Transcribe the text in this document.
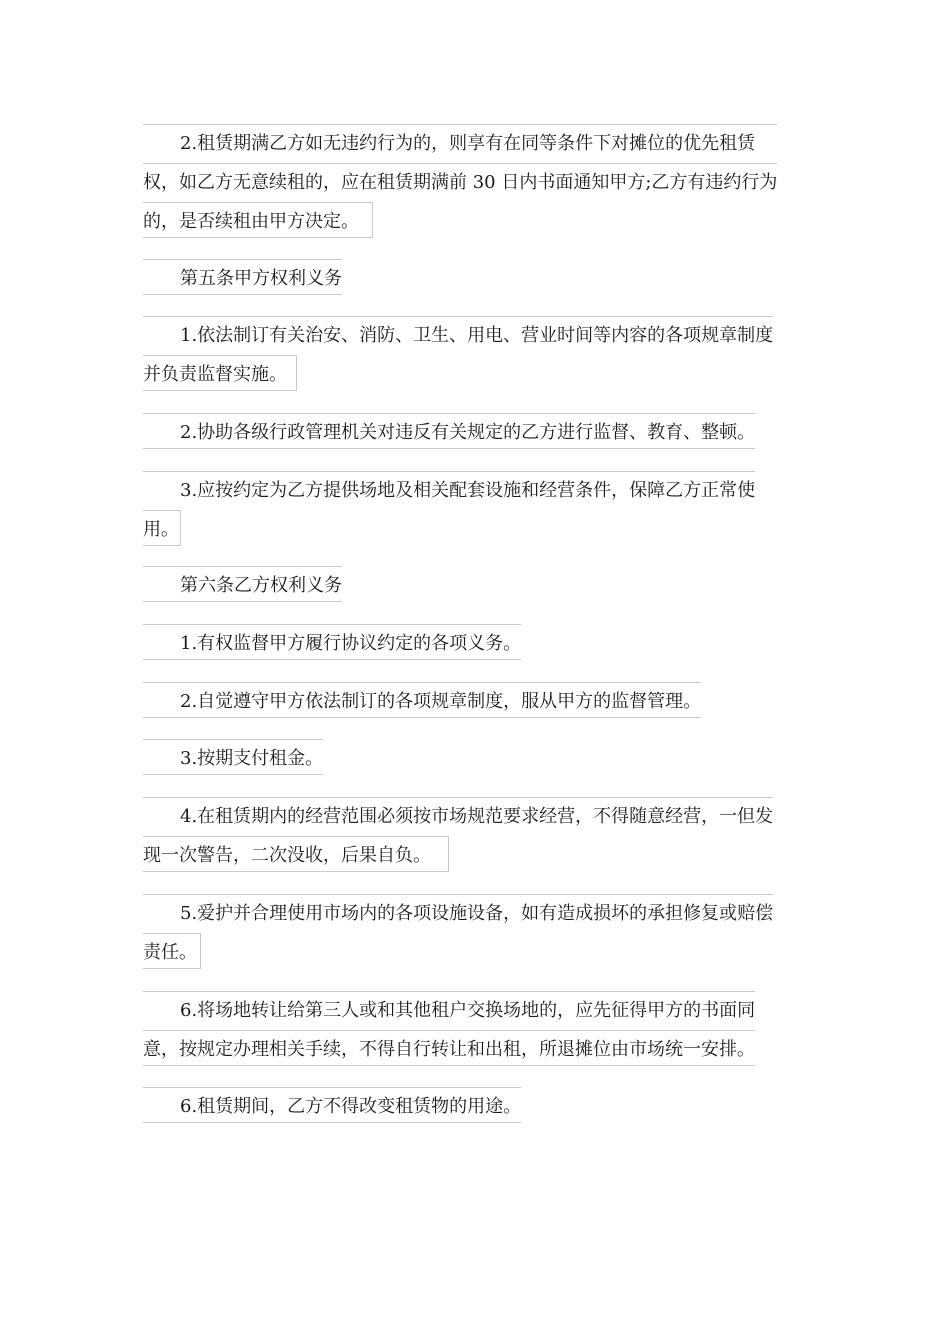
2.租赁期满乙方如无违约行为的，则享有在同等条件下对摊位的优先租赁
权，如乙方无意续租的，应在租赁期满前 30 日内书面通知甲方;乙方有违约行为
的，是否续租由甲方决定。
第五条甲方权利义务
1.依法制订有关治安、消防、卫生、用电、营业时间等内容的各项规章制度
并负责监督实施。
2.协助各级行政管理机关对违反有关规定的乙方进行监督、教育、整顿。
3.应按约定为乙方提供场地及相关配套设施和经营条件，保障乙方正常使
用。
第六条乙方权利义务
1.有权监督甲方履行协议约定的各项义务。
2.自觉遵守甲方依法制订的各项规章制度，服从甲方的监督管理。
3.按期支付租金。
4.在租赁期内的经营范围必须按市场规范要求经营，不得随意经营，一但发
现一次警告，二次没收，后果自负。
5.爱护并合理使用市场内的各项设施设备，如有造成损坏的承担修复或赔偿
责任。
6.将场地转让给第三人或和其他租户交换场地的，应先征得甲方的书面同
意，按规定办理相关手续，不得自行转让和出租，所退摊位由市场统一安排。
6.租赁期间，乙方不得改变租赁物的用途。
